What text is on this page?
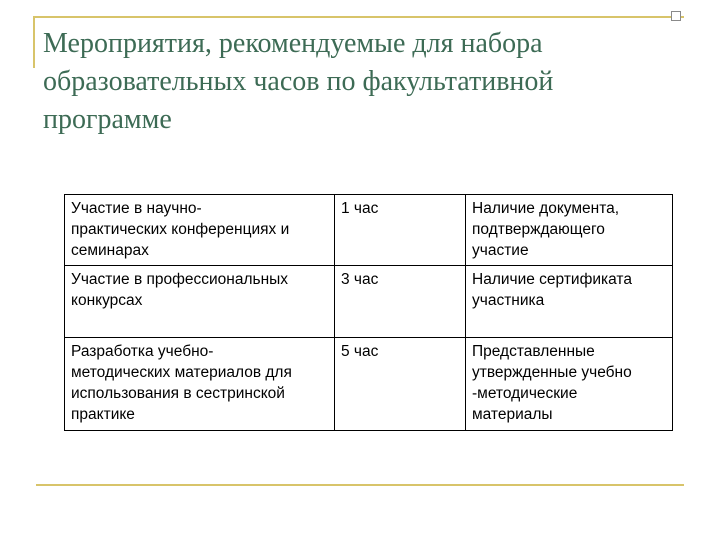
Мероприятия, рекомендуемые для набора
образовательных часов по факультативной
программе
Участие в научно-
практических конференциях и
семинарах	1 час	Наличие документа,
подтверждающего
участие

Участие в профессиональных
конкурсах	3 час	Наличие сертификата
участника

Разработка учебно-
методических материалов для
использования в сестринской
практике	5 час	Представленные
утвержденные учебно
-методические
материалы
